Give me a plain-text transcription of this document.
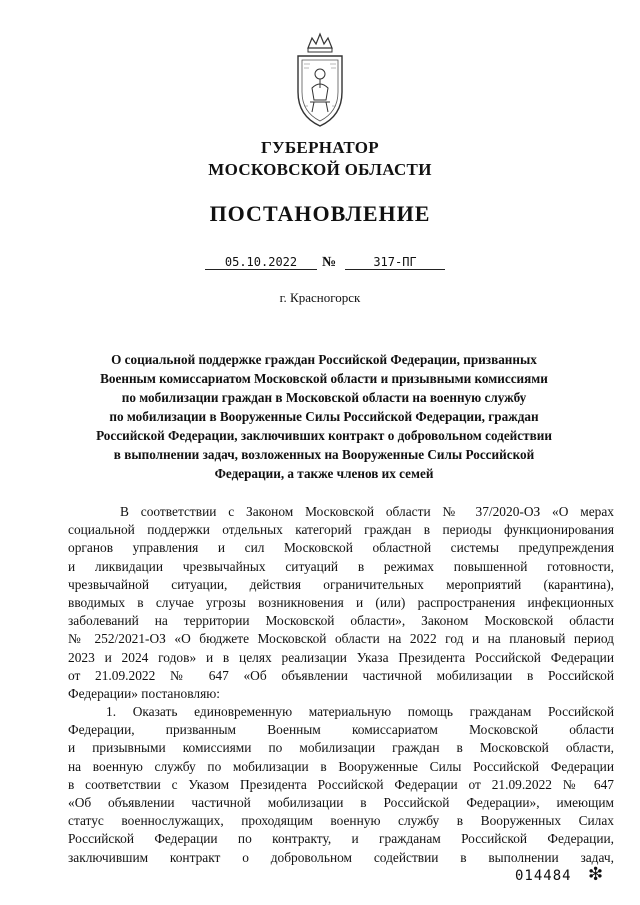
ГУБЕРНАТОР
МОСКОВСКОЙ ОБЛАСТИ
ПОСТАНОВЛЕНИЕ
05.10.2022	№	317-ПГ
г. Красногорск
О социальной поддержке граждан Российской Федерации, призванных
Военным комиссариатом Московской области и призывными комиссиями
по мобилизации граждан в Московской области на военную службу
по мобилизации в Вооруженные Силы Российской Федерации, граждан
Российской Федерации, заключивших контракт о добровольном содействии
в выполнении задач, возложенных на Вооруженные Силы Российской
Федерации, а также членов их семей
В соответствии с Законом Московской области № 37/2020-ОЗ «О мерах
социальной поддержки отдельных категорий граждан в периоды функционирования
органов управления и сил Московской областной системы предупреждения
и ликвидации чрезвычайных ситуаций в режимах повышенной готовности,
чрезвычайной ситуации, действия ограничительных мероприятий (карантина),
вводимых в случае угрозы возникновения и (или) распространения инфекционных
заболеваний на территории Московской области», Законом Московской области
№ 252/2021-ОЗ «О бюджете Московской области на 2022 год и на плановый период
2023 и 2024 годов» и в целях реализации Указа Президента Российской Федерации
от 21.09.2022 № 647 «Об объявлении частичной мобилизации в Российской
Федерации» постановляю:
1. Оказать единовременную материальную помощь гражданам Российской
Федерации, призванным Военным комиссариатом Московской области
и призывными комиссиями по мобилизации граждан в Московской области,
на военную службу по мобилизации в Вооруженные Силы Российской Федерации
в соответствии с Указом Президента Российской Федерации от 21.09.2022 № 647
«Об объявлении частичной мобилизации в Российской Федерации», имеющим
статус военнослужащих, проходящим военную службу в Вооруженных Силах
Российской Федерации по контракту, и гражданам Российской Федерации,
заключившим контракт о добровольном содействии в выполнении задач,
014484 ❇
